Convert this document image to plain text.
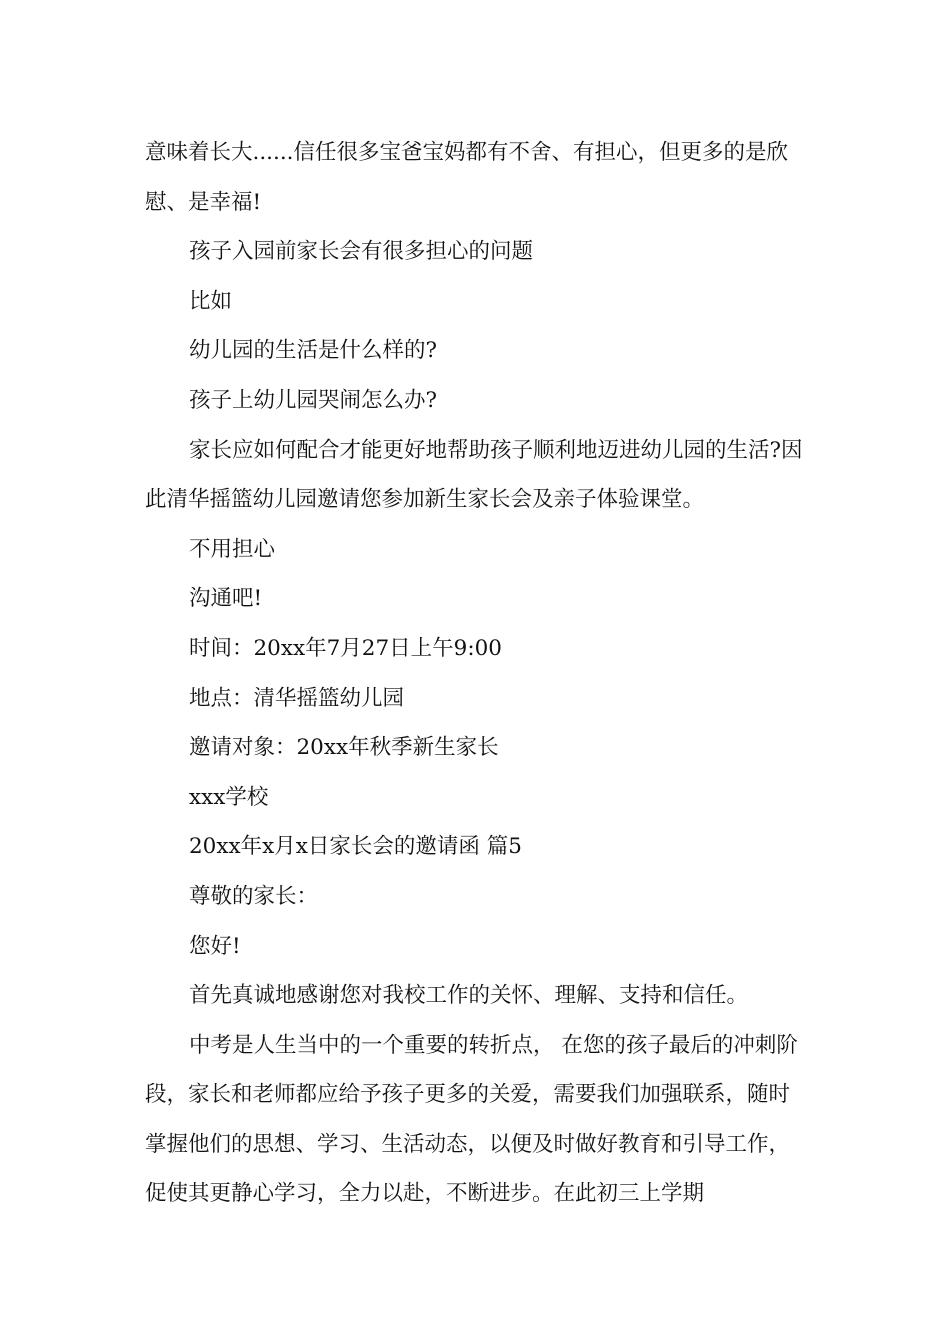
意味着长大......信任很多宝爸宝妈都有不舍、有担心，但更多的是欣慰、是幸福!

孩子入园前家长会有很多担心的问题

比如

幼儿园的生活是什么样的?

孩子上幼儿园哭闹怎么办?

家长应如何配合才能更好地帮助孩子顺利地迈进幼儿园的生活?因此清华摇篮幼儿园邀请您参加新生家长会及亲子体验课堂。

不用担心

沟通吧!

时间：20xx年7月27日上午9:00

地点：清华摇篮幼儿园

邀请对象：20xx年秋季新生家长

xxx学校

20xx年x月x日家长会的邀请函 篇5

尊敬的家长：

您好!

首先真诚地感谢您对我校工作的关怀、理解、支持和信任。

中考是人生当中的一个重要的转折点， 在您的孩子最后的冲刺阶段，家长和老师都应给予孩子更多的关爱，需要我们加强联系，随时掌握他们的思想、学习、生活动态，以便及时做好教育和引导工作，促使其更静心学习，全力以赴，不断进步。在此初三上学期
